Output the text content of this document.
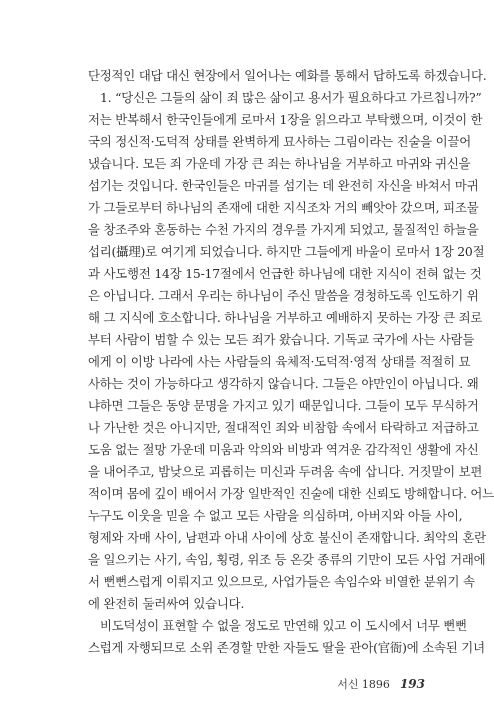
단정적인 대답 대신 현장에서 일어나는 예화를 통해서 답하도록 하겠습니다.
1. “당신은 그들의 삶이 죄 많은 삶이고 용서가 필요하다고 가르칩니까?”
저는 반복해서 한국인들에게 로마서 1장을 읽으라고 부탁했으며, 이것이 한
국의 정신적·도덕적 상태를 완벽하게 묘사하는 그림이라는 진술을 이끌어
냈습니다. 모든 죄 가운데 가장 큰 죄는 하나님을 거부하고 마귀와 귀신을
섬기는 것입니다. 한국인들은 마귀를 섬기는 데 완전히 자신을 바쳐서 마귀
가 그들로부터 하나님의 존재에 대한 지식조차 거의 빼앗아 갔으며, 피조물
을 창조주와 혼동하는 수천 가지의 경우를 가지게 되었고, 물질적인 하늘을
섭리(攝理)로 여기게 되었습니다. 하지만 그들에게 바울이 로마서 1장 20절
과 사도행전 14장 15-17절에서 언급한 하나님에 대한 지식이 전혀 없는 것
은 아닙니다. 그래서 우리는 하나님이 주신 말씀을 경청하도록 인도하기 위
해 그 지식에 호소합니다. 하나님을 거부하고 예배하지 못하는 가장 큰 죄로
부터 사람이 범할 수 있는 모든 죄가 왔습니다. 기독교 국가에 사는 사람들
에게 이 이방 나라에 사는 사람들의 육체적·도덕적·영적 상태를 적절히 묘
사하는 것이 가능하다고 생각하지 않습니다. 그들은 야만인이 아닙니다. 왜
냐하면 그들은 동양 문명을 가지고 있기 때문입니다. 그들이 모두 무식하거
나 가난한 것은 아니지만, 절대적인 죄와 비참함 속에서 타락하고 저급하고
도움 없는 절망 가운데 미움과 악의와 비방과 역겨운 감각적인 생활에 자신
을 내어주고, 밤낮으로 괴롭히는 미신과 두려움 속에 삽니다. 거짓말이 보편
적이며 몸에 깊이 배어서 가장 일반적인 진술에 대한 신뢰도 방해합니다. 어느
누구도 이웃을 믿을 수 없고 모든 사람을 의심하며, 아버지와 아들 사이,
형제와 자매 사이, 남편과 아내 사이에 상호 불신이 존재합니다. 최악의 혼란
을 일으키는 사기, 속임, 횡령, 위조 등 온갖 종류의 기만이 모든 사업 거래에
서 뻔뻔스럽게 이뤄지고 있으므로, 사업가들은 속임수와 비열한 분위기 속
에 완전히 둘러싸여 있습니다.
비도덕성이 표현할 수 없을 정도로 만연해 있고 이 도시에서 너무 뻔뻔
스럽게 자행되므로 소위 존경할 만한 자들도 딸을 관아(官衙)에 소속된 기녀
서신 1896 193
